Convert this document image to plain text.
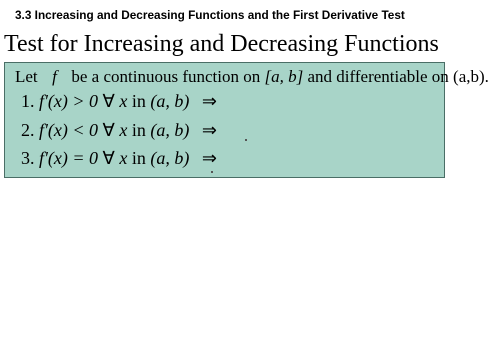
3.3 Increasing and Decreasing Functions and the First Derivative Test
Test for Increasing and Decreasing Functions
Let f be a continuous function on [a, b] and differentiable on (a,b).
1. f'(x) > 0 ∀ x in (a, b) ⇒
2. f'(x) < 0 ∀ x in (a, b) ⇒
3. f'(x) = 0 ∀ x in (a, b) ⇒
